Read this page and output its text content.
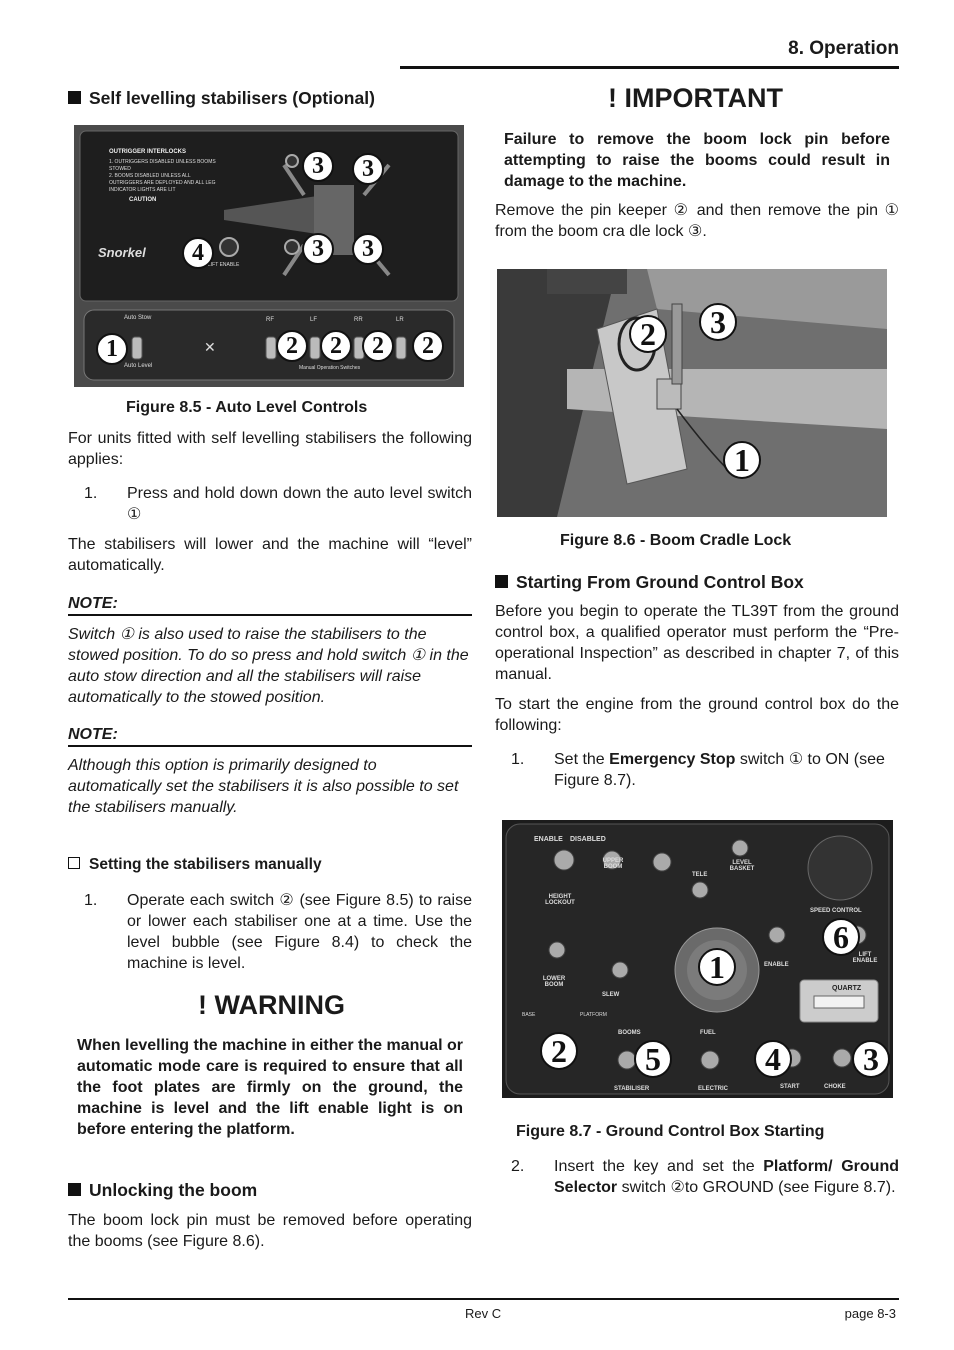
8. Operation
Self levelling stabilisers (Optional)
✕
OUTRIGGER INTERLOCKS
1. OUTRIGGERS DISABLED UNLESS BOOMS STOWED
2. BOOMS DISABLED UNLESS ALL OUTRIGGERS ARE DEPLOYED AND ALL LEG INDICATOR LIGHTS ARE LIT
CAUTION
Snorkel
LIFT ENABLE
Auto Stow
Auto Level	Manual Operation Switches
RF	LF	RR	LR
1	2	2	2	2
3	3
3	3
4
Figure 8.5 - Auto Level Controls
For units fitted with self levelling stabilisers the following applies:
1. Press and hold down down the auto level switch ①
The stabilisers will lower and the machine will “level” automatically.
NOTE:
Switch ① is also used to raise the stabilisers to the stowed position. To do so press and hold switch ① in the auto stow direction and all the stabilisers will raise automatically to the stowed position.
NOTE:
Although this option is primarily designed to automatically set the stabilisers it is also possible to set the stabilisers manually.
Setting the stabilisers manually
1. Operate each switch ② (see Figure 8.5) to raise or lower each stabiliser one at a time. Use the level bubble (see Figure 8.4) to check the machine is level.
! WARNING
When levelling the machine in either the manual or automatic mode care is required to ensure that all the foot plates are firmly on the ground, the machine is level and the lift enable light is on before entering the platform.
Unlocking the boom
The boom lock pin must be removed before operating the booms (see Figure 8.6).
! IMPORTANT
Failure to remove the boom lock pin before attempting to raise the booms could result in damage to the machine.
Remove the pin keeper ② and then remove the pin ① from the boom cra dle lock ③.
1
2	3
Figure 8.6 - Boom Cradle Lock
Starting From Ground Control Box
Before you begin to operate the TL39T from the ground control box, a qualified operator must perform the “Pre-operational Inspection” as described in chapter 7, of this manual.
To start the engine from the ground control box do the following:
1. Set the Emergency Stop switch ① to ON (see Figure 8.7).
ENABLE DISABLED
UPPER BOOM
TELE
LEVEL BASKET
HEIGHT LOCKOUT
SPEED CONTROL
ENABLE
LIFT ENABLE
LOWER BOOM
SLEW
BASE	PLATFORM
BOOMS	FUEL
STABILISER	ELECTRIC	START	CHOKE
QUARTZ
1
2	3
4
5
6
Figure 8.7 - Ground Control Box Starting
2. Insert the key and set the Platform/ Ground Selector switch ②to GROUND (see Figure 8.7).
Rev C	page 8-3
